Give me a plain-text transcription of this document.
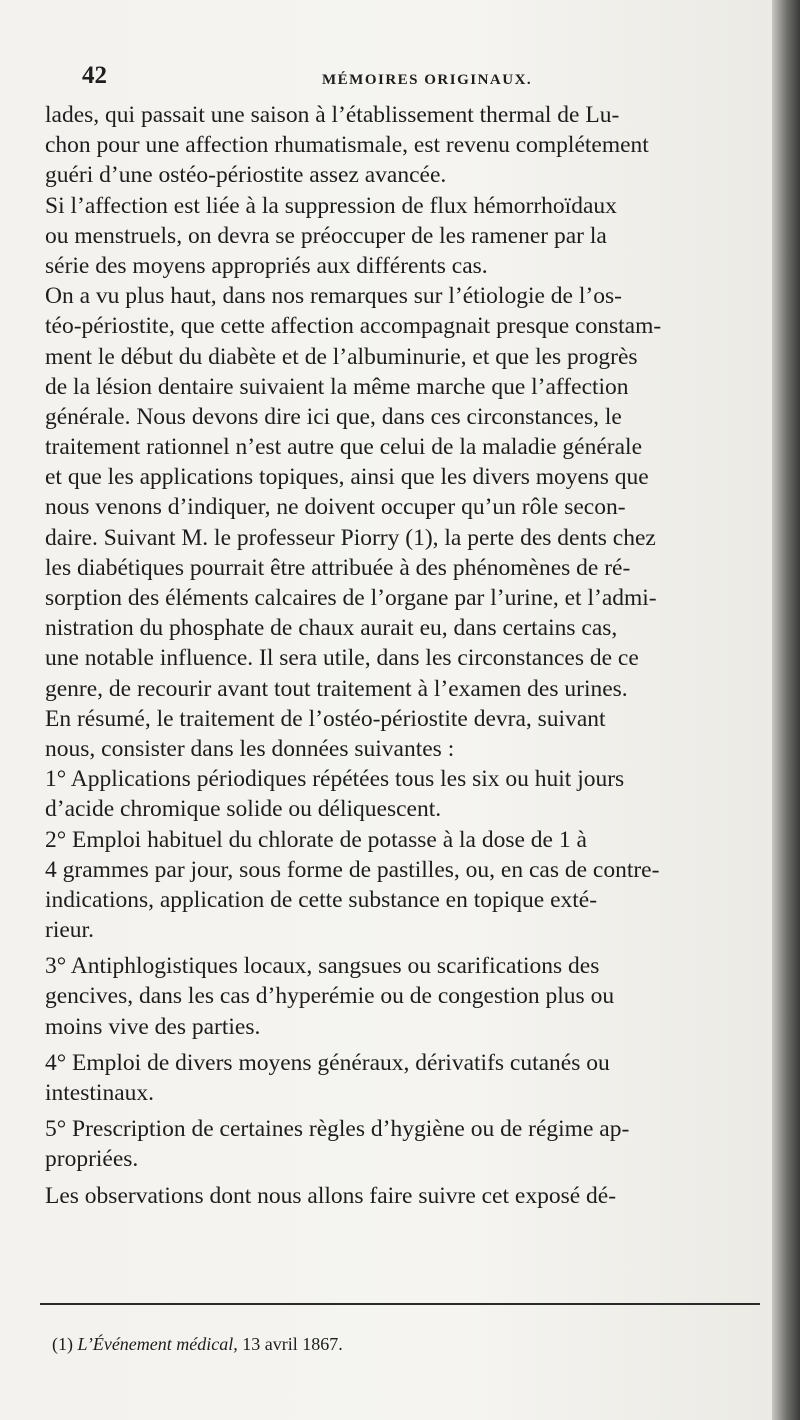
42	MÉMOIRES ORIGINAUX.
lades, qui passait une saison à l’établissement thermal de Lu-
chon pour une affection rhumatismale, est revenu complétement
guéri d’une ostéo-périostite assez avancée.
Si l’affection est liée à la suppression de flux hémorrhoïdaux
ou menstruels, on devra se préoccuper de les ramener par la
série des moyens appropriés aux différents cas.
On a vu plus haut, dans nos remarques sur l’étiologie de l’os-
téo-périostite, que cette affection accompagnait presque constam-
ment le début du diabète et de l’albuminurie, et que les progrès
de la lésion dentaire suivaient la même marche que l’affection
générale. Nous devons dire ici que, dans ces circonstances, le
traitement rationnel n’est autre que celui de la maladie générale
et que les applications topiques, ainsi que les divers moyens que
nous venons d’indiquer, ne doivent occuper qu’un rôle secon-
daire. Suivant M. le professeur Piorry (1), la perte des dents chez
les diabétiques pourrait être attribuée à des phénomènes de ré-
sorption des éléments calcaires de l’organe par l’urine, et l’admi-
nistration du phosphate de chaux aurait eu, dans certains cas,
une notable influence. Il sera utile, dans les circonstances de ce
genre, de recourir avant tout traitement à l’examen des urines.
En résumé, le traitement de l’ostéo-périostite devra, suivant
nous, consister dans les données suivantes :
1° Applications périodiques répétées tous les six ou huit jours
d’acide chromique solide ou déliquescent.
2° Emploi habituel du chlorate de potasse à la dose de 1 à
4 grammes par jour, sous forme de pastilles, ou, en cas de contre-
indications, application de cette substance en topique exté-
rieur.
3° Antiphlogistiques locaux, sangsues ou scarifications des
gencives, dans les cas d’hyperémie ou de congestion plus ou
moins vive des parties.
4° Emploi de divers moyens généraux, dérivatifs cutanés ou
intestinaux.
5° Prescription de certaines règles d’hygiène ou de régime ap-
propriées.
Les observations dont nous allons faire suivre cet exposé dé-
(1) L’Événement médical, 13 avril 1867.
